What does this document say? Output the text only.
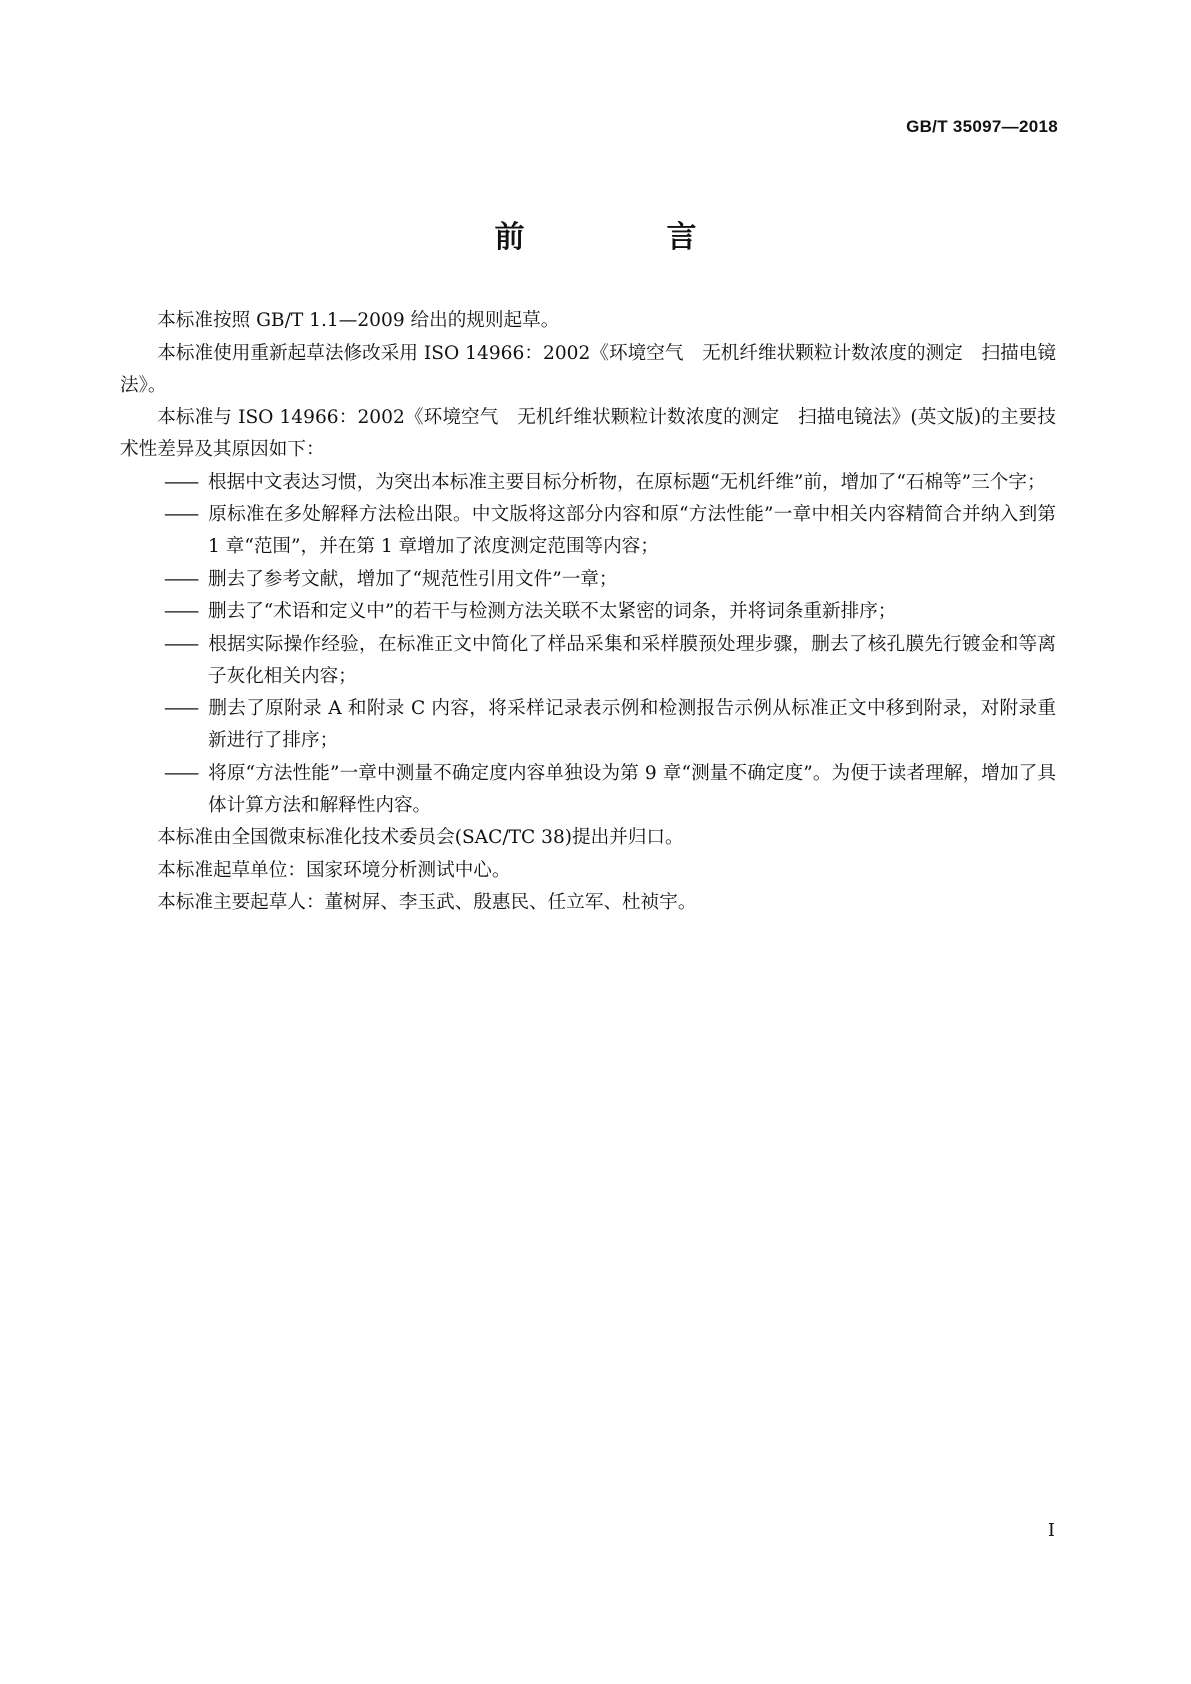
GB/T 35097—2018
前　言

本标准按照 GB/T 1.1—2009 给出的规则起草。

本标准使用重新起草法修改采用 ISO 14966：2002《环境空气　无机纤维状颗粒计数浓度的测定　扫描电镜法》。

本标准与 ISO 14966：2002《环境空气　无机纤维状颗粒计数浓度的测定　扫描电镜法》(英文版)的主要技术性差异及其原因如下：

—— 根据中文表达习惯，为突出本标准主要目标分析物，在原标题“无机纤维”前，增加了“石棉等”三个字；

—— 原标准在多处解释方法检出限。中文版将这部分内容和原“方法性能”一章中相关内容精简合并纳入到第 1 章“范围”，并在第 1 章增加了浓度测定范围等内容；

—— 删去了参考文献，增加了“规范性引用文件”一章；

—— 删去了“术语和定义中”的若干与检测方法关联不太紧密的词条，并将词条重新排序；

—— 根据实际操作经验，在标准正文中简化了样品采集和采样膜预处理步骤，删去了核孔膜先行镀金和等离子灰化相关内容；

—— 删去了原附录 A 和附录 C 内容，将采样记录表示例和检测报告示例从标准正文中移到附录，对附录重新进行了排序；

—— 将原“方法性能”一章中测量不确定度内容单独设为第 9 章“测量不确定度”。为便于读者理解，增加了具体计算方法和解释性内容。

本标准由全国微束标准化技术委员会(SAC/TC 38)提出并归口。

本标准起草单位：国家环境分析测试中心。

本标准主要起草人：董树屏、李玉武、殷惠民、任立军、杜祯宇。

I
